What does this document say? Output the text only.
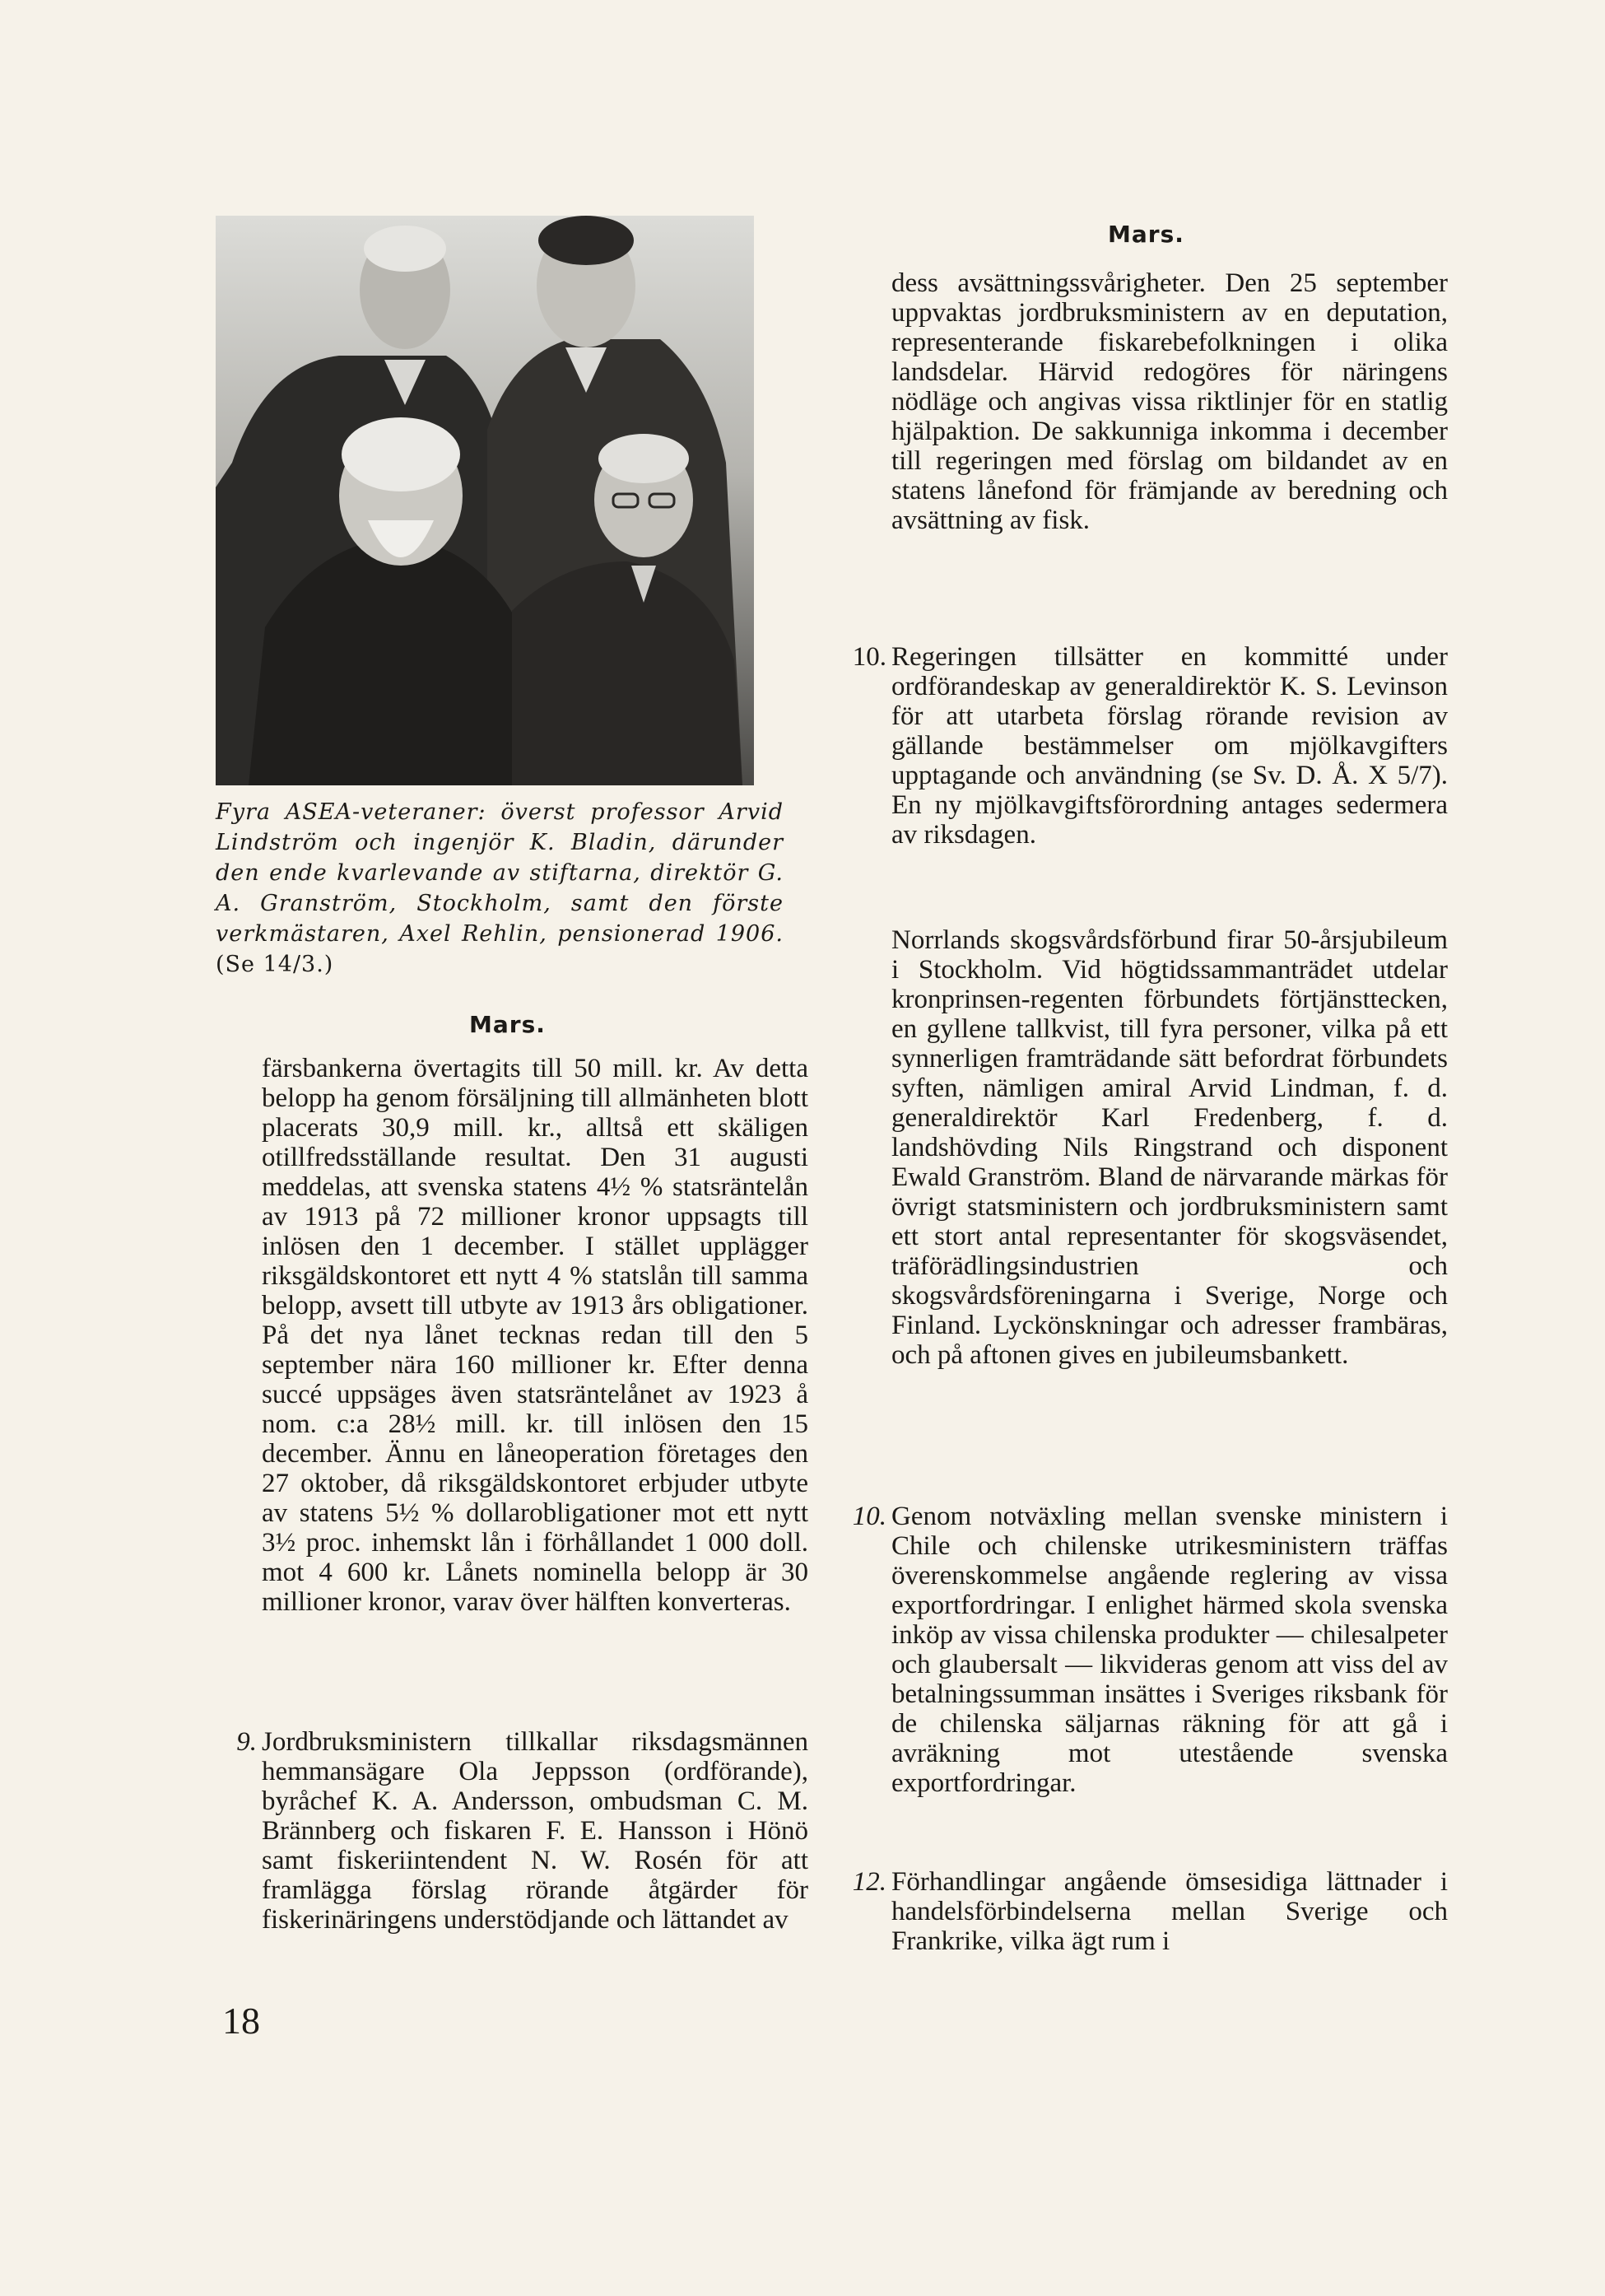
Fyra ASEA-veteraner: överst professor Arvid Lindström och ingenjör K. Bladin, därunder den ende kvarlevande av stiftarna, direktör G. A. Granström, Stockholm, samt den förste verkmästaren, Axel Rehlin, pensionerad 1906. (Se 14/3.)
Mars.

färsbankerna övertagits till 50 mill. kr. Av detta belopp ha genom försäljning till allmänheten blott placerats 30,9 mill. kr., alltså ett skäligen otillfredsställande resultat. Den 31 augusti meddelas, att svenska statens 4½ % statsräntelån av 1913 på 72 millioner kronor uppsagts till inlösen den 1 december. I stället upplägger riksgäldskontoret ett nytt 4 % statslån till samma belopp, avsett till utbyte av 1913 års obligationer. På det nya lånet tecknas redan till den 5 september nära 160 millioner kr. Efter denna succé uppsäges även statsräntelånet av 1923 å nom. c:a 28½ mill. kr. till inlösen den 15 december. Ännu en låneoperation företages den 27 oktober, då riksgäldskontoret erbjuder utbyte av statens 5½ % dollarobligationer mot ett nytt 3½ proc. inhemskt lån i förhållandet 1 000 doll. mot 4 600 kr. Lånets nominella belopp är 30 millioner kronor, varav över hälften konverteras.

9. Jordbruksministern tillkallar riksdagsmännen hemmansägare Ola Jeppsson (ordförande), byråchef K. A. Andersson, ombudsman C. M. Brännberg och fiskaren F. E. Hansson i Hönö samt fiskeriintendent N. W. Rosén för att framlägga förslag rörande åtgärder för fiskerinäringens understödjande och lättandet av
Mars.

dess avsättningssvårigheter. Den 25 september uppvaktas jordbruksministern av en deputation, representerande fiskarebefolkningen i olika landsdelar. Härvid redogöres för näringens nödläge och angivas vissa riktlinjer för en statlig hjälpaktion. De sakkunniga inkomma i december till regeringen med förslag om bildandet av en statens lånefond för främjande av beredning och avsättning av fisk.

10. Regeringen tillsätter en kommitté under ordförandeskap av generaldirektör K. S. Levinson för att utarbeta förslag rörande revision av gällande bestämmelser om mjölkavgifters upptagande och användning (se Sv. D. Å. X 5/7). En ny mjölkavgiftsförordning antages sedermera av riksdagen.

Norrlands skogsvårdsförbund firar 50-årsjubileum i Stockholm. Vid högtidssammanträdet utdelar kronprinsen-regenten förbundets förtjänsttecken, en gyllene tallkvist, till fyra personer, vilka på ett synnerligen framträdande sätt befordrat förbundets syften, nämligen amiral Arvid Lindman, f. d. generaldirektör Karl Fredenberg, f. d. landshövding Nils Ringstrand och disponent Ewald Granström. Bland de närvarande märkas för övrigt statsministern och jordbruksministern samt ett stort antal representanter för skogsväsendet, träförädlingsindustrien och skogsvårdsföreningarna i Sverige, Norge och Finland. Lyckönskningar och adresser frambäras, och på aftonen gives en jubileumsbankett.

10. Genom notväxling mellan svenske ministern i Chile och chilenske utrikesministern träffas överenskommelse angående reglering av vissa exportfordringar. I enlighet härmed skola svenska inköp av vissa chilenska produkter — chilesalpeter och glaubersalt — likvideras genom att viss del av betalningssumman insättes i Sveriges riksbank för de chilenska säljarnas räkning för att gå i avräkning mot utestående svenska exportfordringar.
12. Förhandlingar angående ömsesidiga lättnader i handelsförbindelserna mellan Sverige och Frankrike, vilka ägt rum i
18
